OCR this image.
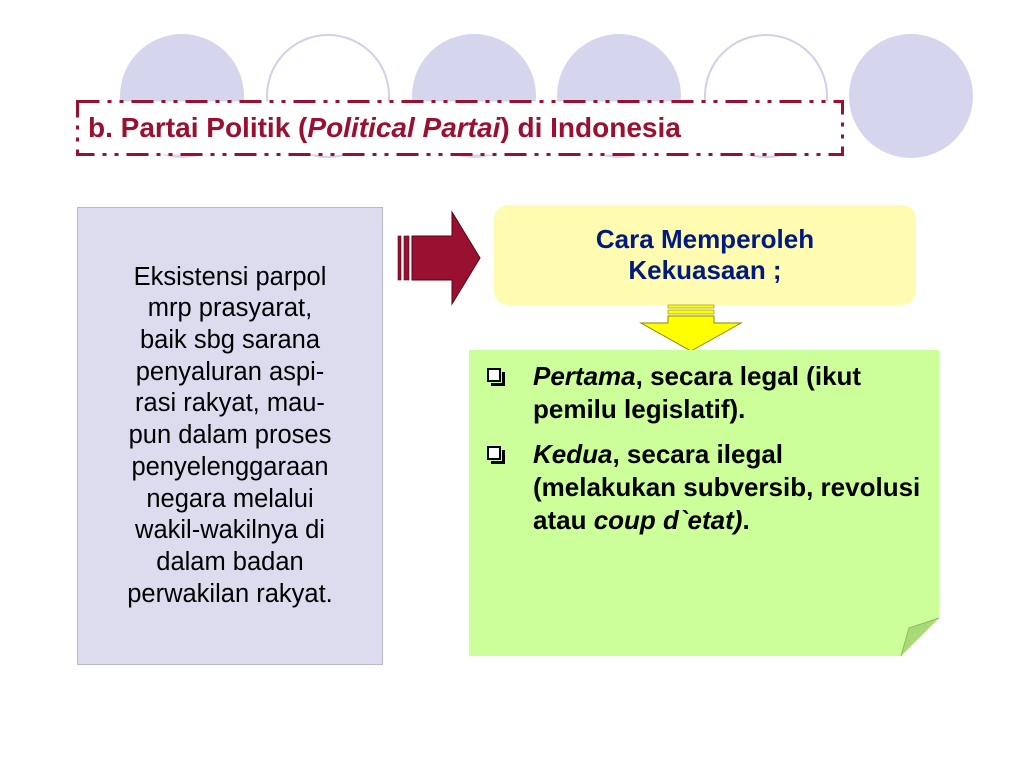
b. Partai Politik (Political Partai) di Indonesia

Eksistensi parpol
mrp prasyarat,
baik sbg sarana
penyaluran aspi-
rasi rakyat, mau-
pun dalam proses
penyelenggaraan
negara melalui
wakil-wakilnya di
dalam badan
perwakilan rakyat.

Cara Memperoleh
Kekuasaan ;
Pertama, secara legal (ikut pemilu legislatif).
Kedua, secara ilegal (melakukan subversib, revolusi atau coup d`etat).
